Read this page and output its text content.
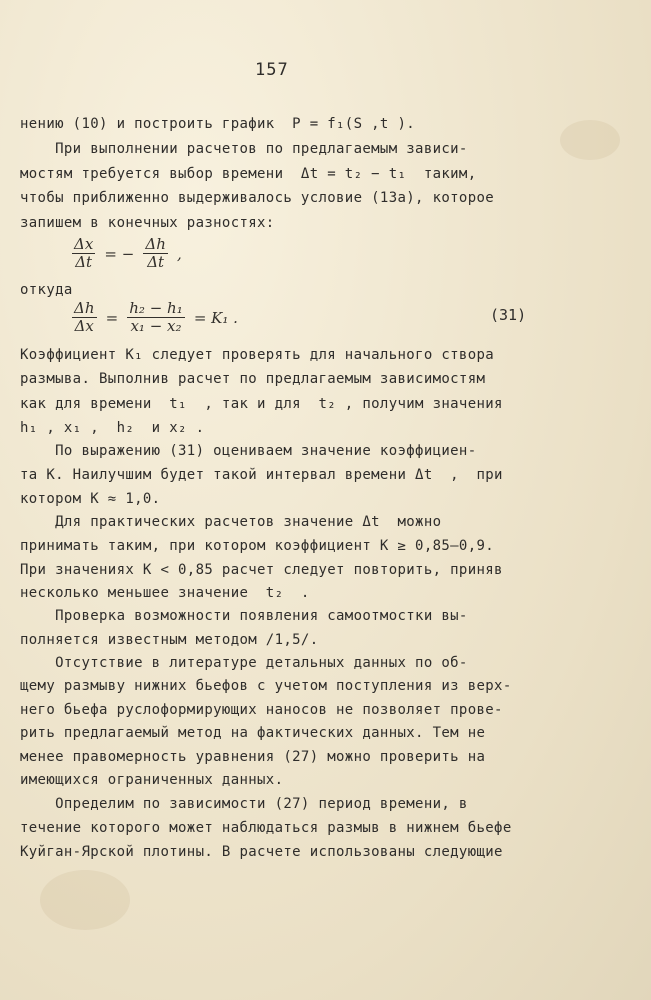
157
нению (10) и построить график  Р = f₁(S ,t ).
При выполнении расчетов по предлагаемым зависи-
мостям требуется выбор времени  Δt = t₂ − t₁  таким,
чтобы приближенно выдерживалось условие (13а), которое
запишем в конечных разностях:
$\frac{\Delta x}{\Delta t}$ = − $\frac{\Delta h}{\Delta t}$ ,
откуда
$\frac{\Delta h}{\Delta x} = \frac{\text{h₂ − h₁}}{\text{x₁ − x₂}} = K_1$ .	(31)
Коэффициент K₁ следует проверять для начального створа
размыва. Выполнив расчет по предлагаемым зависимостям
как для времени  t₁  , так и для  t₂ , получим значения
h₁ , x₁ ,  h₂  и x₂ .
По выражению (31) оцениваем значение коэффициен-
та K. Наилучшим будет такой интервал времени Δt  ,  при
котором K ≈ 1,0.
Для практических расчетов значение Δt  можно
принимать таким, при котором коэффициент K ≥ 0,85–0,9.
При значениях K < 0,85 расчет следует повторить, приняв
несколько меньшее значение  t₂  .
Проверка возможности появления самоотмостки вы-
полняется известным методом /1,5/.
Отсутствие в литературе детальных данных по об-
щему размыву нижних бьефов с учетом поступления из верх-
него бьефа руслоформирующих наносов не позволяет прове-
рить предлагаемый метод на фактических данных. Тем не
менее правомерность уравнения (27) можно проверить на
имеющихся ограниченных данных.
Определим по зависимости (27) период времени, в
течение которого может наблюдаться размыв в нижнем бьефе
Куйган-Ярской плотины. В расчете использованы следующие
